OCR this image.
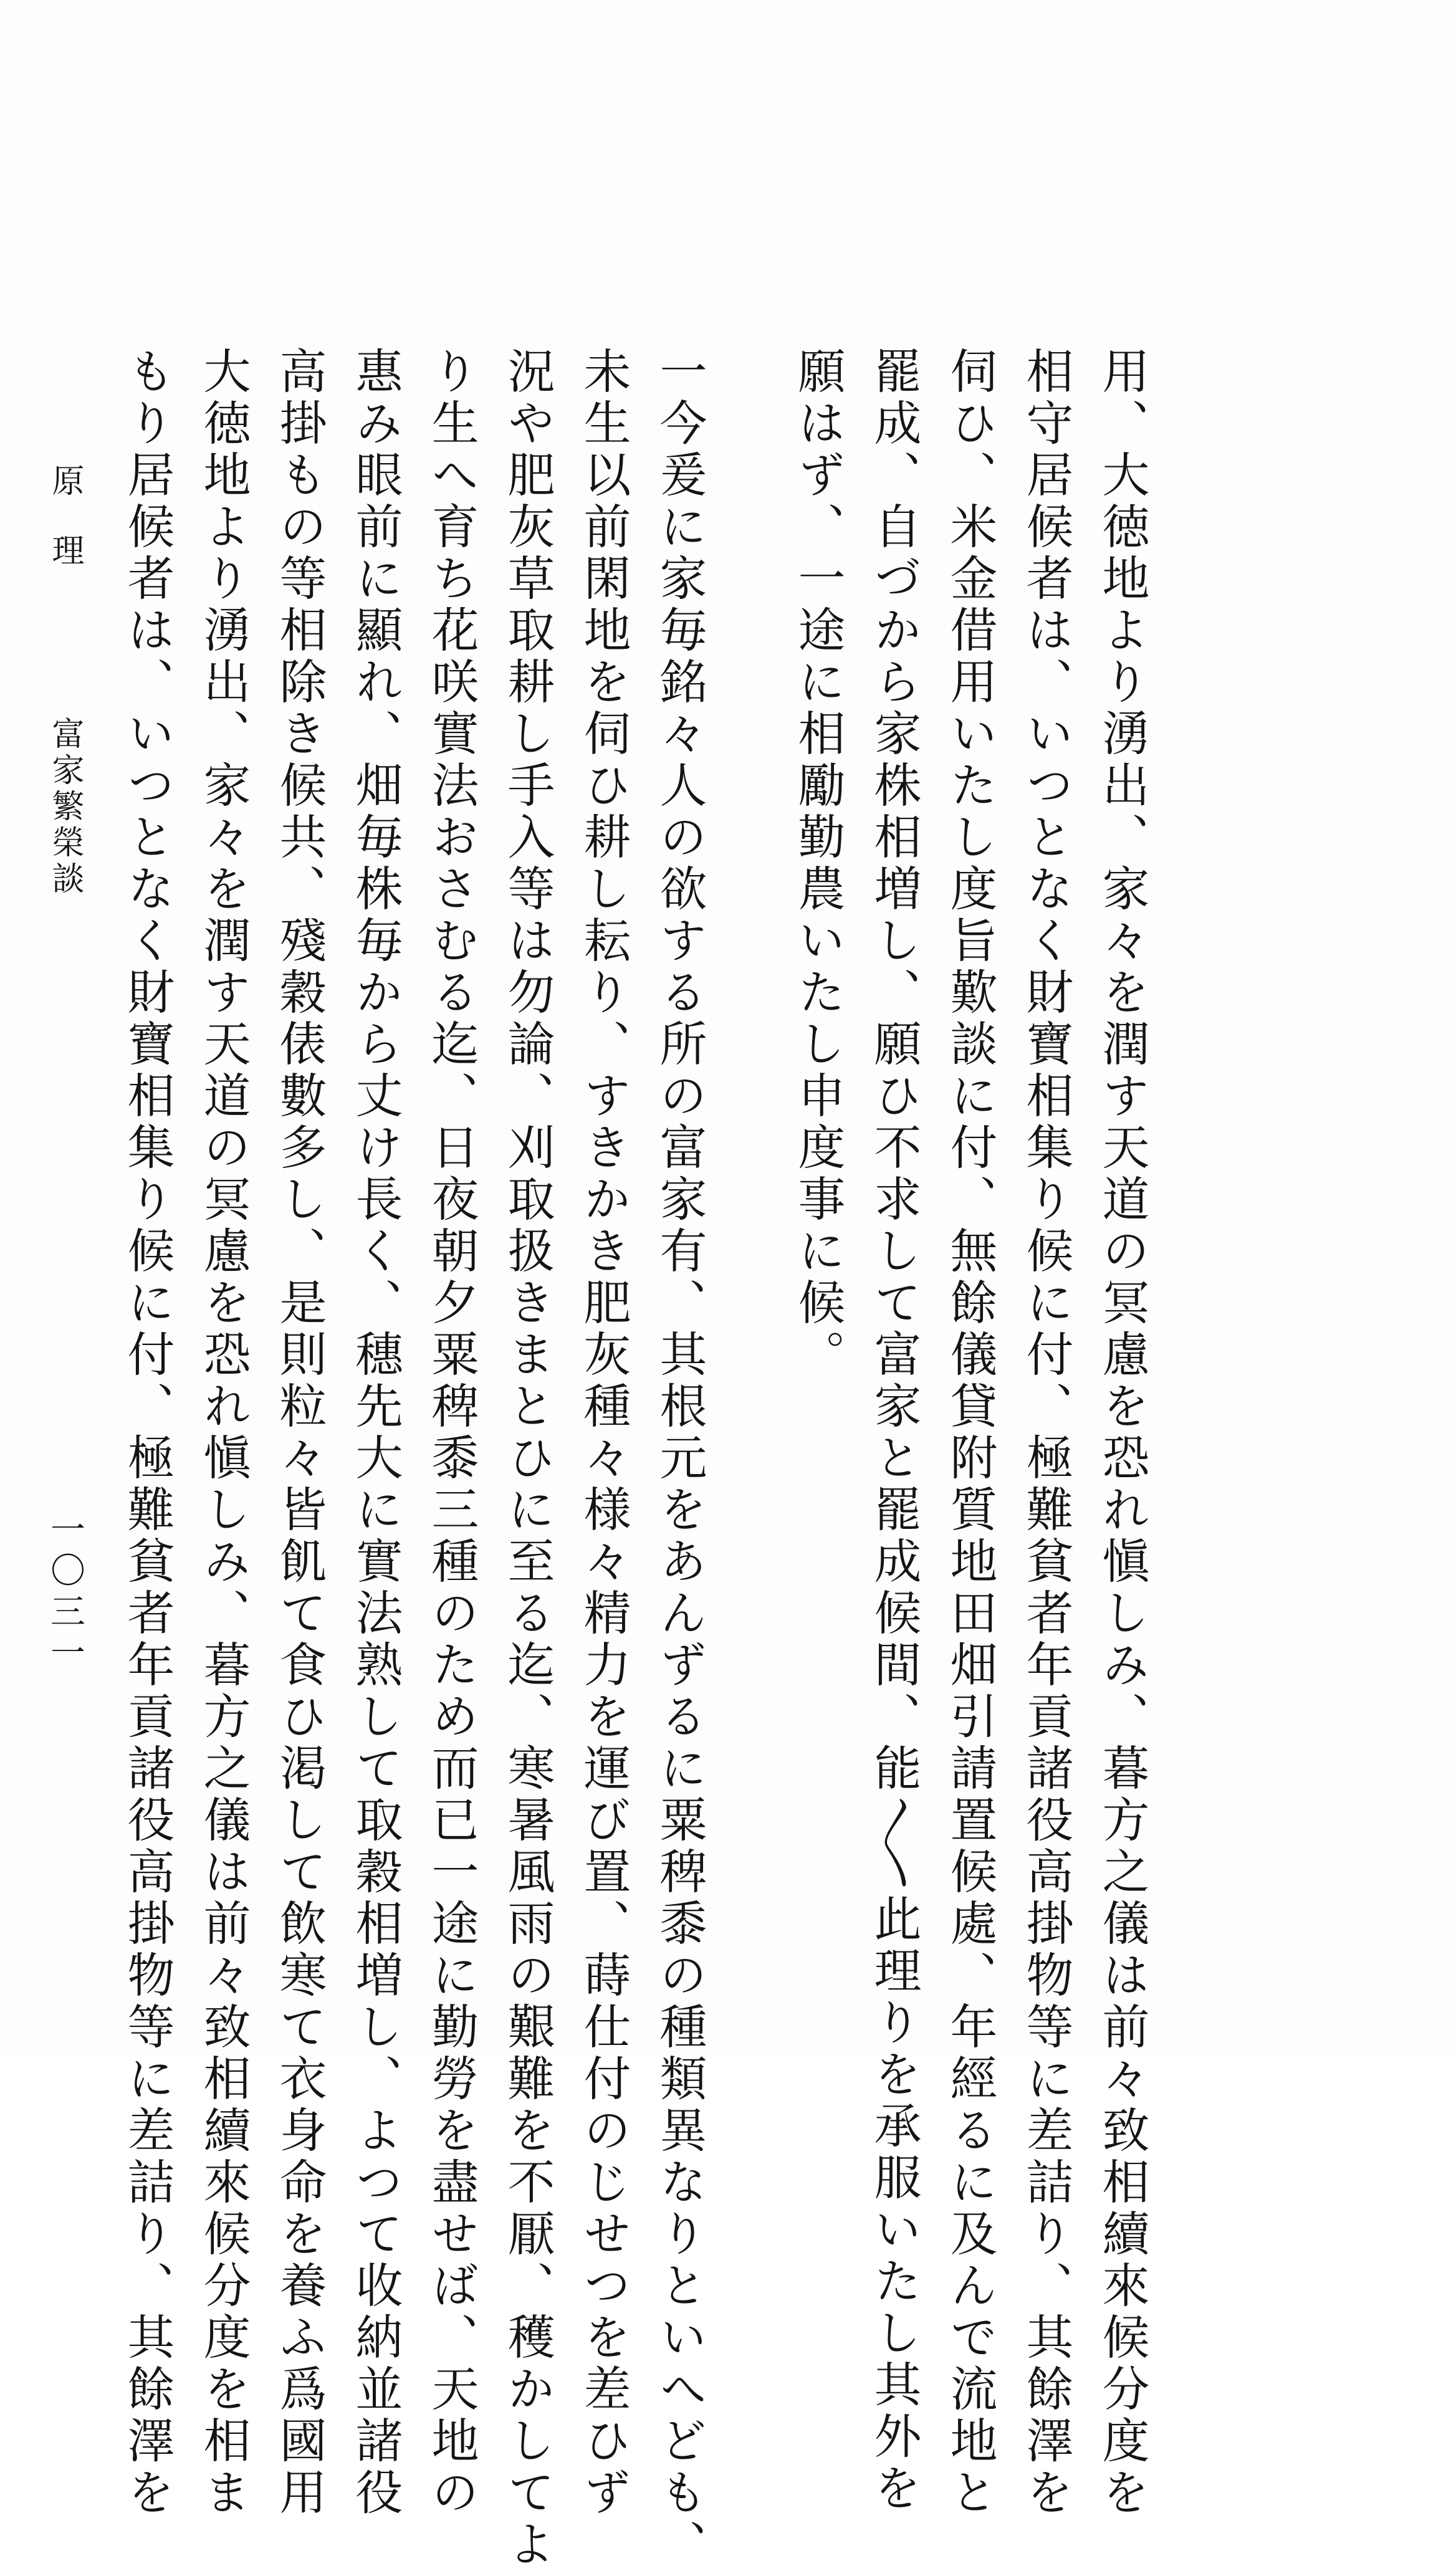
用、大徳地より湧出、家々を潤す天道の冥慮を恐れ愼しみ、暮方之儀は前々致相續來候分度を
相守居候者は、いつとなく財寶相集り候に付、極難貧者年貢諸役高掛物等に差詰り、其餘澤を
伺ひ、米金借用いたし度旨歎談に付、無餘儀貸附質地田畑引請置候處、年經るに及んで流地と
罷成、自づから家株相増し、願ひ不求して富家と罷成候間、能〳〵此理りを承服いたし其外を
願はず、一途に相勵勤農いたし申度事に候。
一今爰に家毎銘々人の欲する所の富家有、其根元をあんずるに粟稗黍の種類異なりといへども、
未生以前閑地を伺ひ耕し耘り、すきかき肥灰種々様々精力を運び置、蒔仕付のじせつを差ひず
況や肥灰草取耕し手入等は勿論、刈取扱きまとひに至る迄、寒暑風雨の艱難を不厭、穫かしてよ
り生へ育ち花咲實法おさむる迄、日夜朝夕粟稗黍三種のため而已一途に勤勞を盡せば、天地の
惠み眼前に顯れ、畑毎株毎から丈け長く、穗先大に實法熟して取穀相増し、よつて收納並諸役
高掛もの等相除き候共、殘穀俵數多し、是則粒々皆飢て食ひ渇して飲寒て衣身命を養ふ爲國用
大徳地より湧出、家々を潤す天道の冥慮を恐れ愼しみ、暮方之儀は前々致相續來候分度を相ま
もり居候者は、いつとなく財寶相集り候に付、極難貧者年貢諸役高掛物等に差詰り、其餘澤を
原理
富家繁榮談
一〇三一
